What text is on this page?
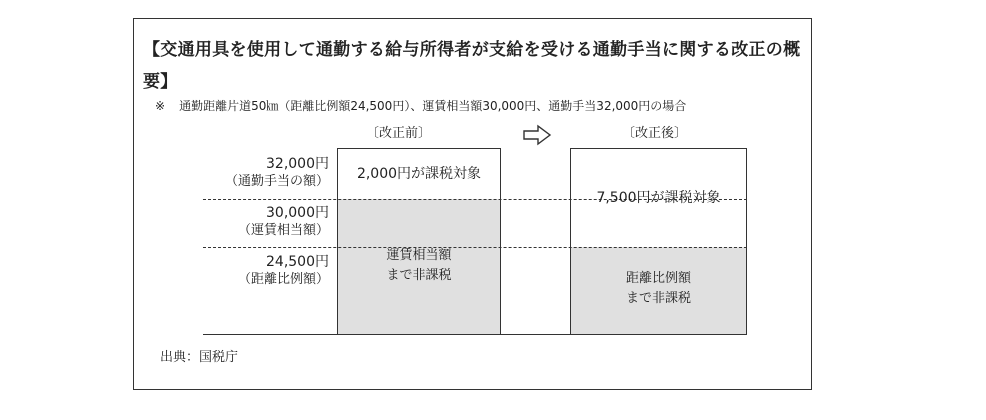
【交通用具を使用して通勤する給与所得者が支給を受ける通勤手当に関する改正の概要】
※ 通勤距離片道50㎞（距離比例額24,500円）、運賃相当額30,000円、通勤手当32,000円の場合
〔改正前〕	〔改正後〕
32,000円
（通勤手当の額）
30,000円
（運賃相当額）
24,500円
（距離比例額）
2,000円が課税対象
運賃相当額
まで非課税
7,500円が課税対象
距離比例額
まで非課税
出典：国税庁
